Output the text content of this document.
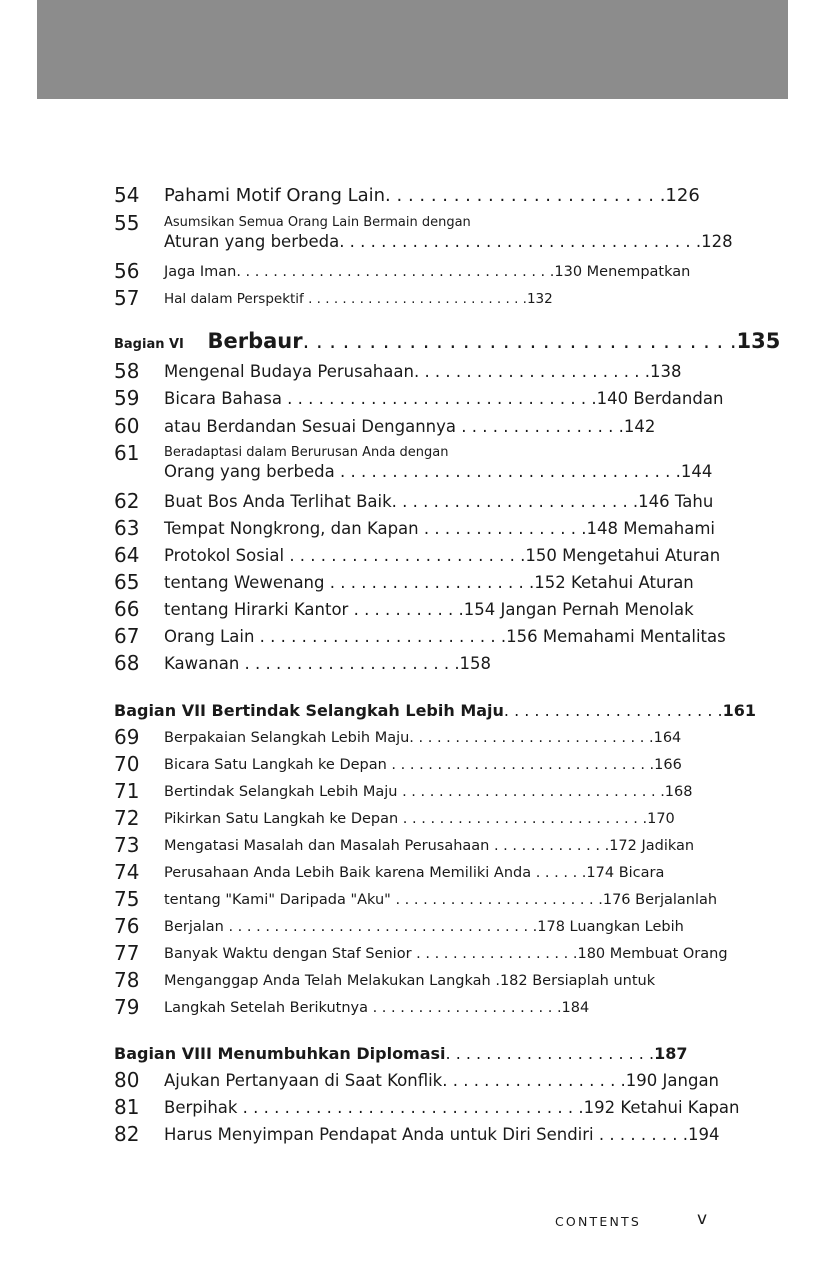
54 Pahami Motif Orang Lain. . . . . . . . . . . . . . . . . . . . . . . . .126
55 Asumsikan Semua Orang Lain Bermain dengan
Aturan yang berbeda. . . . . . . . . . . . . . . . . . . . . . . . . . . . . . . . . . .128
56 Jaga Iman. . . . . . . . . . . . . . . . . . . . . . . . . . . . . . . . . . .130 Menempatkan
57 Hal dalam Perspektif . . . . . . . . . . . . . . . . . . . . . . . . . .132
Bagian VI Berbaur. . . . . . . . . . . . . . . . . . . . . . . . . . . . . . . . .135
58 Mengenal Budaya Perusahaan. . . . . . . . . . . . . . . . . . . . . . .138
59 Bicara Bahasa . . . . . . . . . . . . . . . . . . . . . . . . . . . . . .140 Berdandan
60 atau Berdandan Sesuai Dengannya . . . . . . . . . . . . . . . .142
61 Beradaptasi dalam Berurusan Anda dengan
Orang yang berbeda . . . . . . . . . . . . . . . . . . . . . . . . . . . . . . . . .144
62 Buat Bos Anda Terlihat Baik. . . . . . . . . . . . . . . . . . . . . . . .146 Tahu
63 Tempat Nongkrong, dan Kapan . . . . . . . . . . . . . . . .148 Memahami
64 Protokol Sosial . . . . . . . . . . . . . . . . . . . . . . .150 Mengetahui Aturan
65 tentang Wewenang . . . . . . . . . . . . . . . . . . . .152 Ketahui Aturan
66 tentang Hirarki Kantor . . . . . . . . . . .154 Jangan Pernah Menolak
67 Orang Lain . . . . . . . . . . . . . . . . . . . . . . . .156 Memahami Mentalitas
68 Kawanan . . . . . . . . . . . . . . . . . . . . .158
Bagian VII Bertindak Selangkah Lebih Maju. . . . . . . . . . . . . . . . . . . . . .161
69 Berpakaian Selangkah Lebih Maju. . . . . . . . . . . . . . . . . . . . . . . . . . .164
70 Bicara Satu Langkah ke Depan . . . . . . . . . . . . . . . . . . . . . . . . . . . . .166
71 Bertindak Selangkah Lebih Maju . . . . . . . . . . . . . . . . . . . . . . . . . . . . .168
72 Pikirkan Satu Langkah ke Depan . . . . . . . . . . . . . . . . . . . . . . . . . . .170
73 Mengatasi Masalah dan Masalah Perusahaan . . . . . . . . . . . . .172 Jadikan
74 Perusahaan Anda Lebih Baik karena Memiliki Anda . . . . . .174 Bicara
75 tentang "Kami" Daripada "Aku" . . . . . . . . . . . . . . . . . . . . . . .176 Berjalanlah
76 Berjalan . . . . . . . . . . . . . . . . . . . . . . . . . . . . . . . . . .178 Luangkan Lebih
77 Banyak Waktu dengan Staf Senior . . . . . . . . . . . . . . . . . .180 Membuat Orang
78 Menganggap Anda Telah Melakukan Langkah .182 Bersiaplah untuk
79 Langkah Setelah Berikutnya . . . . . . . . . . . . . . . . . . . . .184
Bagian VIII Menumbuhkan Diplomasi. . . . . . . . . . . . . . . . . . . . .187
80 Ajukan Pertanyaan di Saat Konflik. . . . . . . . . . . . . . . . . .190 Jangan
81 Berpihak . . . . . . . . . . . . . . . . . . . . . . . . . . . . . . . . .192 Ketahui Kapan
82 Harus Menyimpan Pendapat Anda untuk Diri Sendiri . . . . . . . . .194
CONTENTS	v
